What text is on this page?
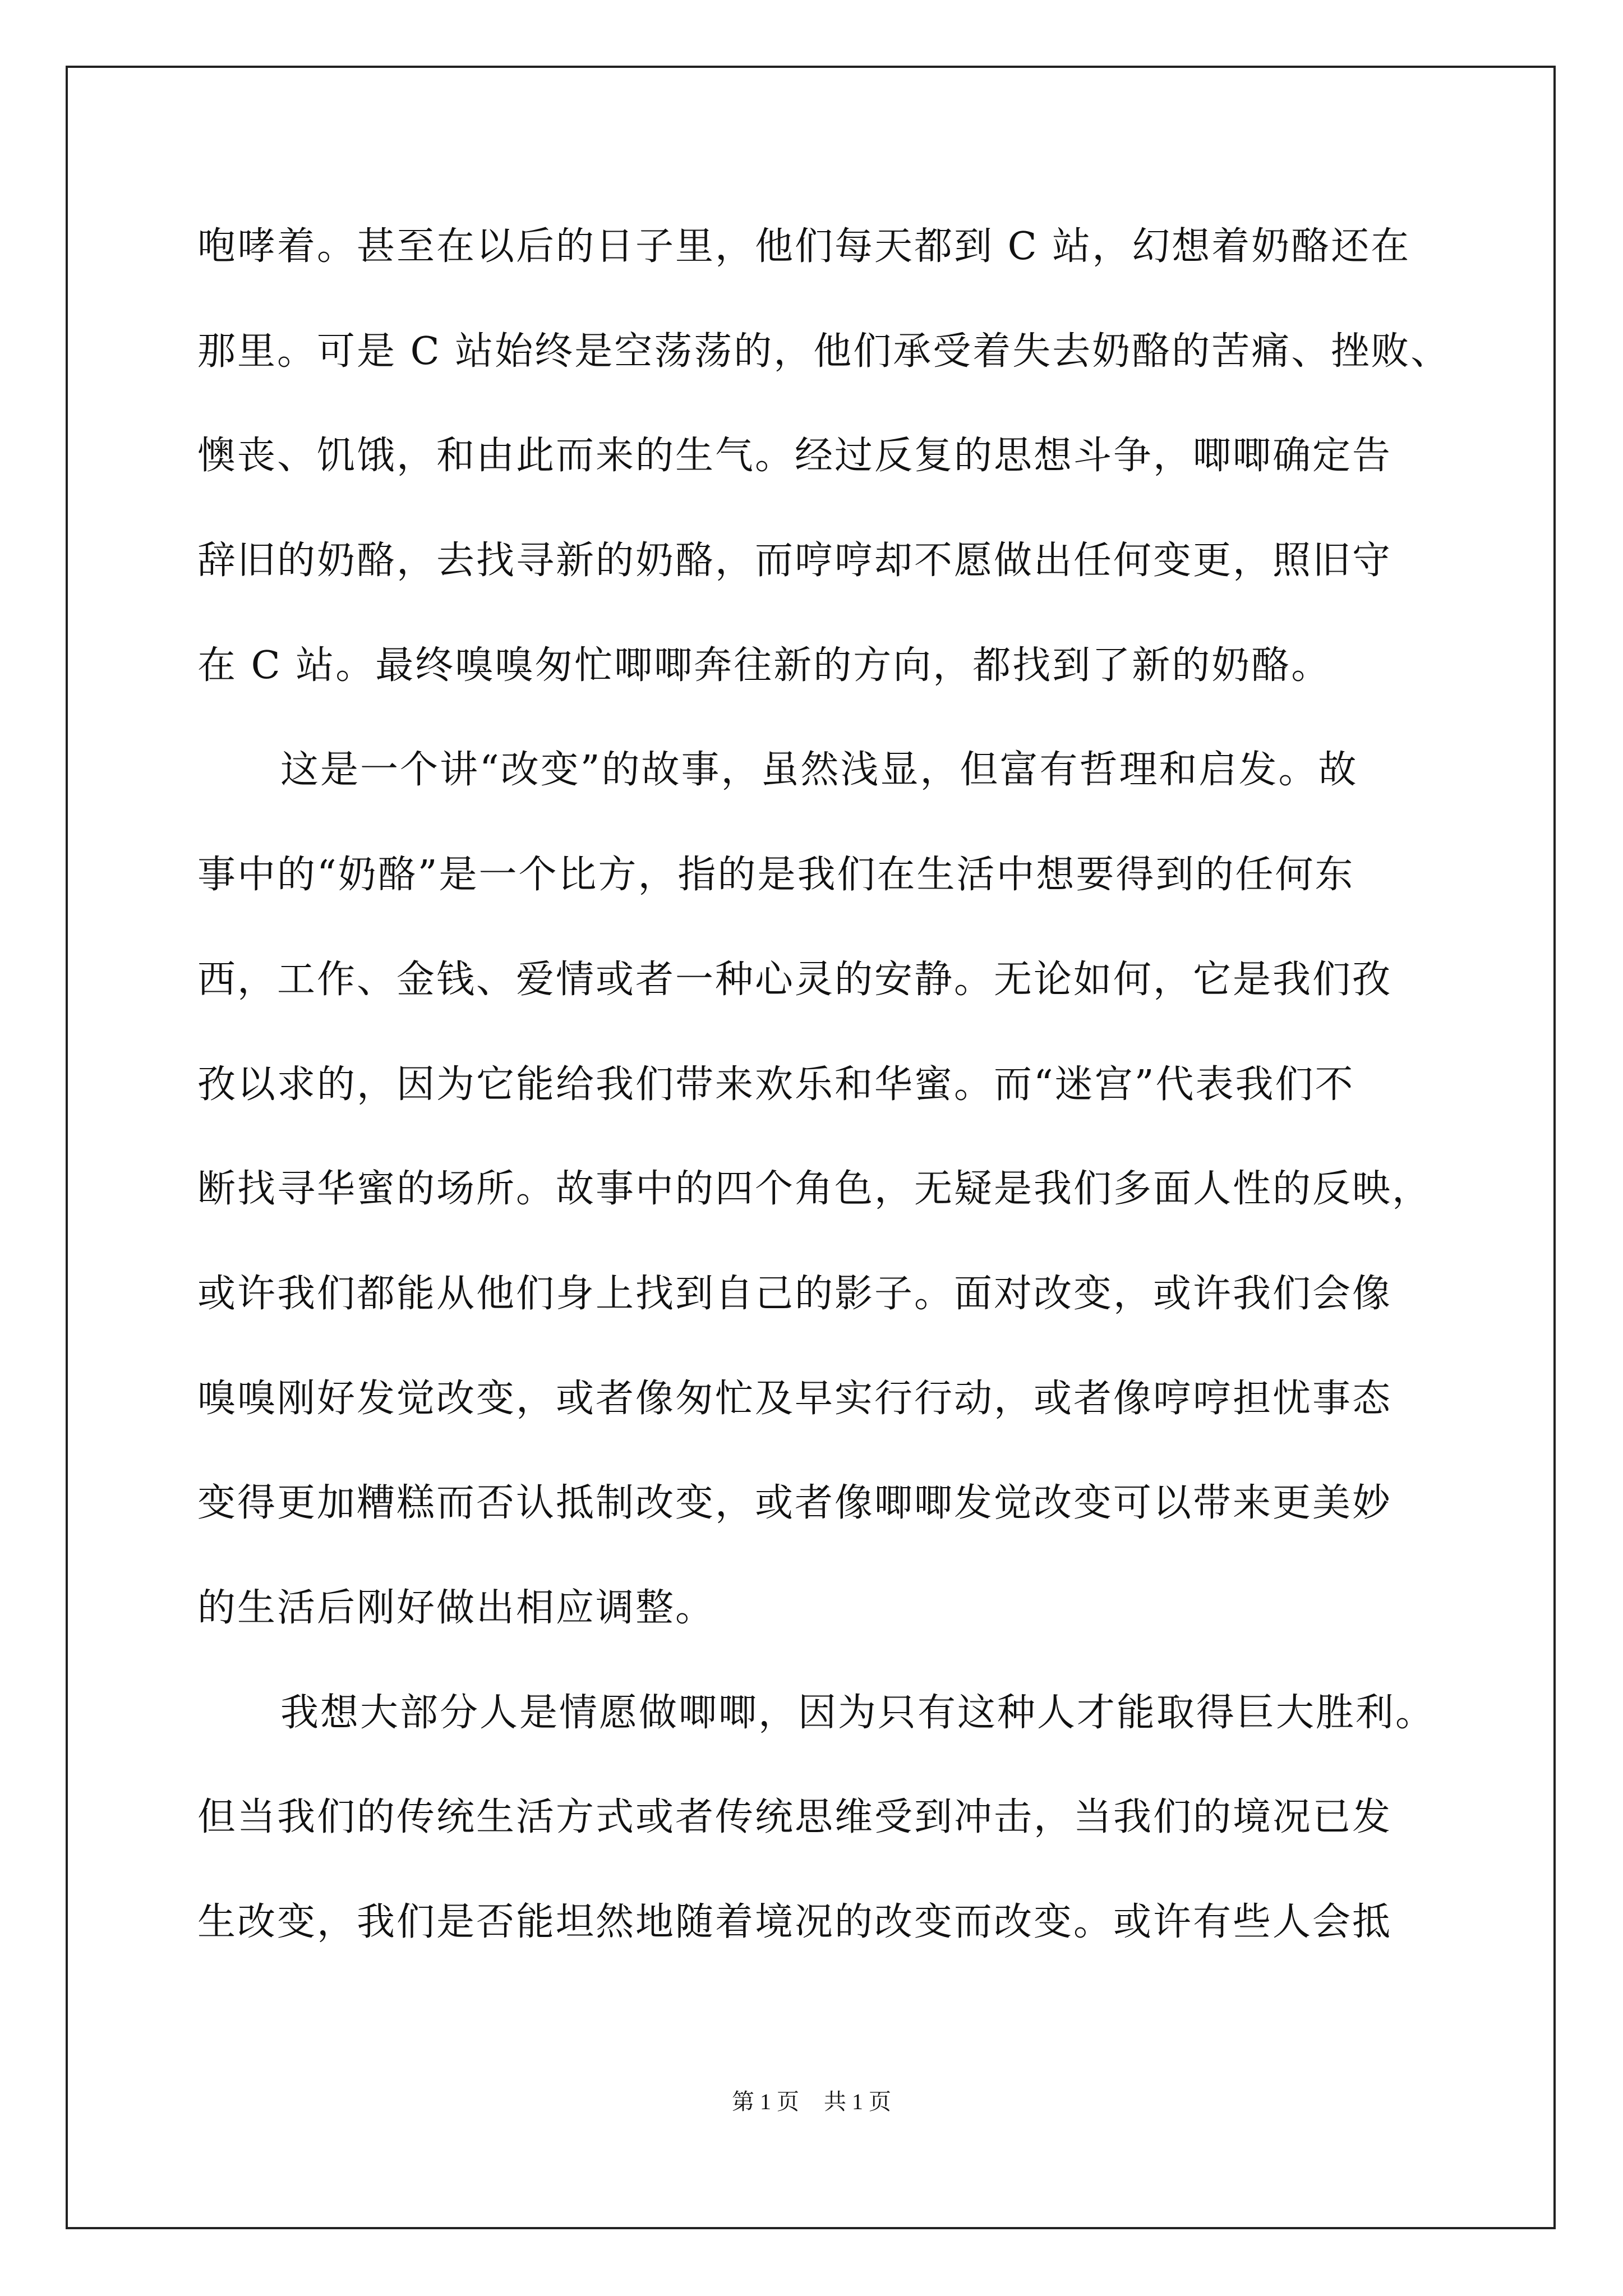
咆哮着。甚至在以后的日子里，他们每天都到 C 站，幻想着奶酪还在
那里。可是 C 站始终是空荡荡的，他们承受着失去奶酪的苦痛、挫败、
懊丧、饥饿，和由此而来的生气。经过反复的思想斗争，唧唧确定告
辞旧的奶酪，去找寻新的奶酪，而哼哼却不愿做出任何变更，照旧守
在 C 站。最终嗅嗅匆忙唧唧奔往新的方向，都找到了新的奶酪。
这是一个讲“改变”的故事，虽然浅显，但富有哲理和启发。故
事中的“奶酪”是一个比方，指的是我们在生活中想要得到的任何东
西，工作、金钱、爱情或者一种心灵的安静。无论如何，它是我们孜
孜以求的，因为它能给我们带来欢乐和华蜜。而“迷宫”代表我们不
断找寻华蜜的场所。故事中的四个角色，无疑是我们多面人性的反映，
或许我们都能从他们身上找到自己的影子。面对改变，或许我们会像
嗅嗅刚好发觉改变，或者像匆忙及早实行行动，或者像哼哼担忧事态
变得更加糟糕而否认抵制改变，或者像唧唧发觉改变可以带来更美妙
的生活后刚好做出相应调整。
我想大部分人是情愿做唧唧，因为只有这种人才能取得巨大胜利。
但当我们的传统生活方式或者传统思维受到冲击，当我们的境况已发
生改变，我们是否能坦然地随着境况的改变而改变。或许有些人会抵
第 1 页 共 1 页
